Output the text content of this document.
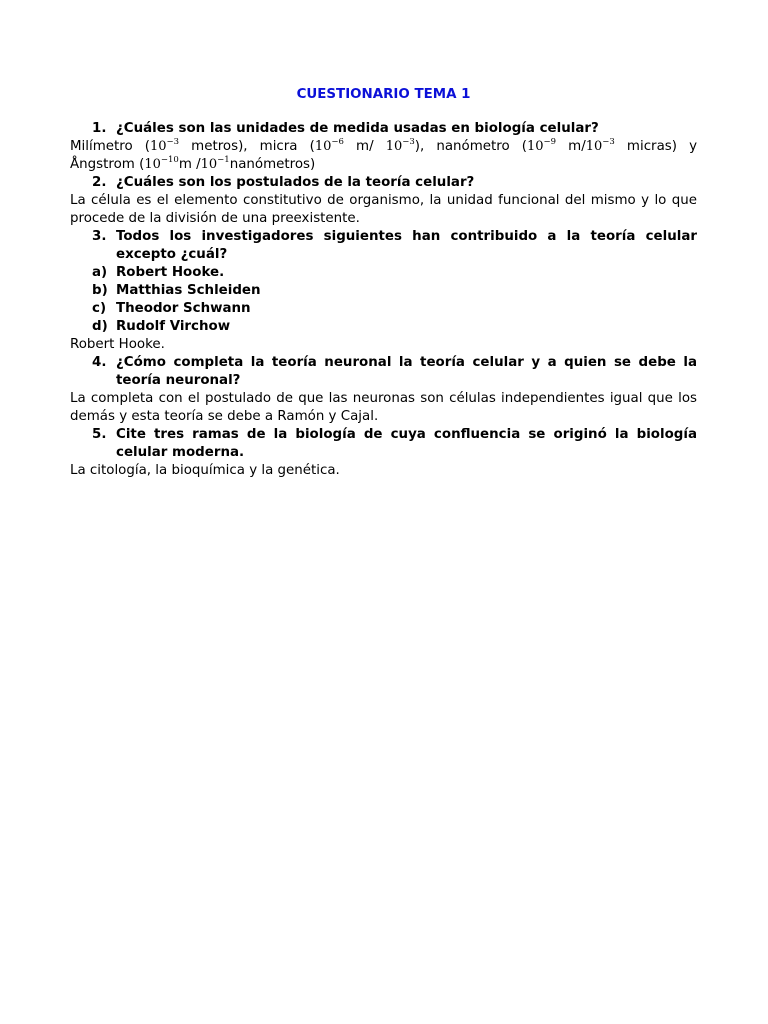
CUESTIONARIO TEMA 1
1. ¿Cuáles son las unidades de medida usadas en biología celular?
Milímetro ($10^{-3}$ metros), micra ($10^{-6}$ m/ $10^{-3}$), nanómetro ($10^{-9}$ $m/10^{-3}$ micras) y
Ångstrom ($10^{-10}m$ $/10^{-1}nanómetros$)
2. ¿Cuáles son los postulados de la teoría celular?
La célula es el elemento constitutivo de organismo, la unidad funcional del mismo y lo que procede de la división de una preexistente.
3. Todos los investigadores siguientes han contribuido a la teoría celular excepto ¿cuál?
a) Robert Hooke.
b) Matthias Schleiden
c) Theodor Schwann
d) Rudolf Virchow
Robert Hooke.
4. ¿Cómo completa la teoría neuronal la teoría celular y a quien se debe la teoría neuronal?
La completa con el postulado de que las neuronas son células independientes igual que los demás y esta teoría se debe a Ramón y Cajal.
5. Cite tres ramas de la biología de cuya confluencia se originó la biología celular moderna.
La citología, la bioquímica y la genética.
